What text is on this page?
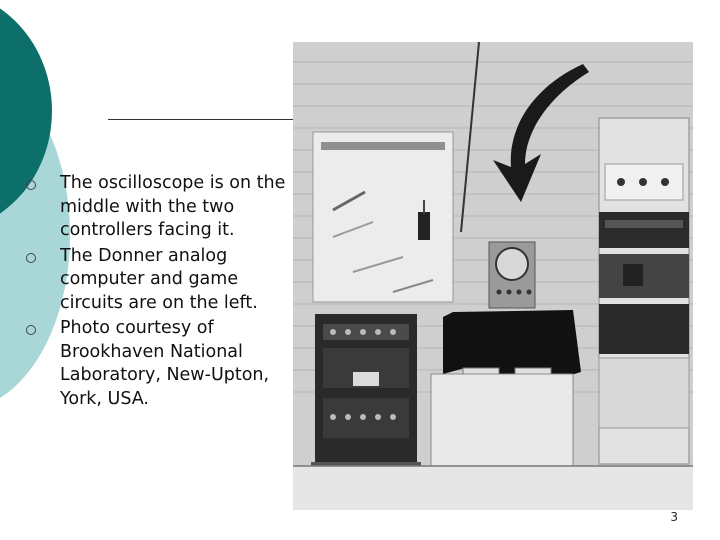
The oscilloscope is on the middle with the two controllers facing it.
The Donner analog computer and game circuits are on the left.
Photo courtesy of Brookhaven National Laboratory, New-Upton, York, USA.
3
